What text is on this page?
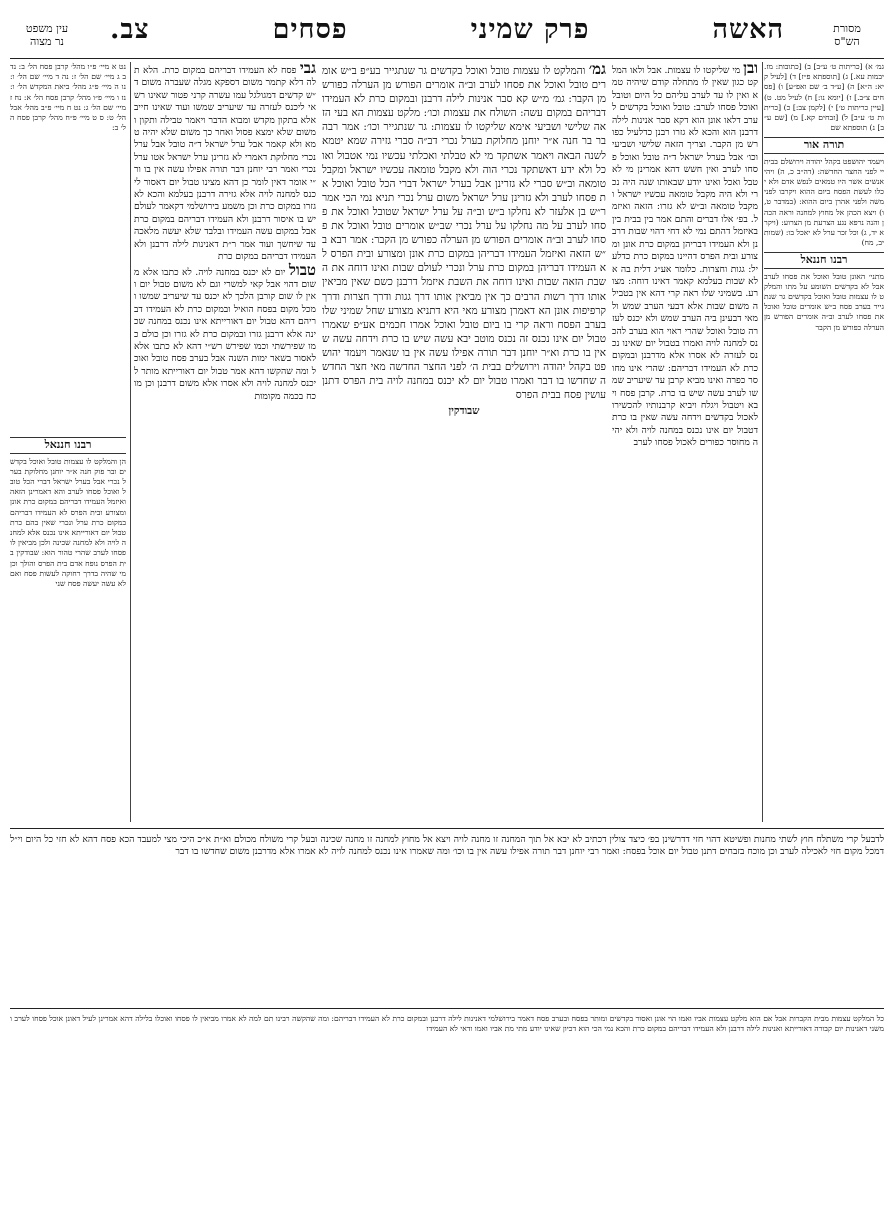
עין משפט
נר מצוה	האשה
פרק שמיני
פסחים
צב.	מסורת
הש"ס
גמ׳ א) [כריתות ט׳ ע״ב] ב) [כתובות: מז. יבמות עא.] ג) [תוספתא פ״ז] ד) [לעיל קיא: ה״א] ה) [ע״ד ב׳ שם ואפ״ע] ו) [פסחים צ״ב.] ז) [יומא נו:] ח) לעיל מט. ט) [עיין כריתות ט׳] י) [לקמן צב:] כ) [כריתות ט׳ ע״ב] ל) [זבחים קא.] מ) [שם ע״ב] נ) תוספתא שם
תורה אור
ויעמד יהושפט בקהל יהודה וירושלם בבית יי לפני החצר החדשה: (דה״ב כ, ה) ויהי אנשים אשר היו טמאים לנפש אדם ולא יכלו לעשת הפסח ביום ההוא ויקרבו לפני משה ולפני אהרן ביום ההוא: (במדבר ט, ו) ויצא הכהן אל מחוץ למחנה וראה הכהן והנה נרפא נגע הצרעת מן הצרוע: (ויקרא יד, ג) וכל זכר ערל לא יאכל בו: (שמות יב, מח)
רבנו חננאל
מתני׳ האונן טובל ואוכל את פסחו לערב אבל לא בקדשים השומע על מתו והמלקט לו עצמות טובל ואוכל בקדשים גר שנתגייר בערב פסח ב״ש אומרים טובל ואוכל את פסחו לערב וב״ה אומרים הפורש מן הערלה כפורש מן הקבר
ובן מי שליקטו לו עצמות. אבל ולאו המלקט כגון שאין לו מתחלה קודם שיהיה טמא ואין לו עד לערב עליהם כל היום וטובל ואוכל פסחו לערב: טובל ואוכל בקדשים לערב דלאו אונן הוא דקא סבר אנינות לילה דרבנן הוא והכא לא גזרו רבנן כדלעיל כפורש מן הקבר. וצריך הזאה שלישי ושביעי וכו׳ אבל בערל ישראל ד״ה טובל ואוכל פסחו לערב ואין חשש דהא אמרינן מי לא טבל ואכל ואינו יודע שבאותו שנה היה נכרי ולא היה מקבל טומאה עכשיו ישראל ומקבל טומאה וב״ש לא גזרו: הזאה ואיזמל. בפ׳ אלו דברים והתם אמר בין בבית בין באיזמל דהתם נמי לא דחי דהוי שבות דרבנן ולא העמידו דבריהן במקום כרת אונן ומצורע ובית הפרס דהיינו במקום כרת כדלעיל: גגות וחצרות. כלומר אע״ג דלית בה אלא שבות בעלמא קאמר דאינו דוחה: מצורע. בשמיני שלו ראה קרי דהא אין בטבילה משום שבות אלא דבעי הערב שמש ולמאי דבעינן ביה הערב שמש ולא יכנס לעזרה טובל ואוכל שהרי ראוי הוא בערב להכנס למחנה לויה ואמרו בטבול יום שאינו נכנס לעזרה לא אסרו אלא מדרבנן ובמקום כרת לא העמידו דבריהם: שהרי אינו מחוסר כפרה ואינו מביא קרבן עד שיעריב שמשו לערב עשה שיש בו כרת. קרבן פסח ויבא ויטבול ויגלח ויביא קרבנותיו להכשירו לאכול בקדשים וידחה עשה שאין בו כרת דטבול יום אינו נכנס במחנה לויה ולא יהיה מחוסר כפורים לאכול פסחו לערב
גמ׳ והמלקט לו עצמות טובל ואוכל בקדשים גר שנתגייר בע״פ ב״ש אומרים טובל ואוכל את פסחו לערב וב״ה אומרים הפורש מן הערלה כפורש מן הקבר: גמ׳ מ״ש קא סבר אנינות לילה דרבנן ובמקום כרת לא העמידו דבריהם במקום עשה: השולח את עצמות וכו׳: מלקט עצמות הא בעי הזאה שלישי ושביעי אימא שליקטו לו עצמות: גר שנתגייר וכו׳: אמר רבה בר בר חנה א״ר יוחנן מחלוקת בערל נכרי דב״ה סברי גזירה שמא יטמא לשנה הבאה ויאמר אשתקד מי לא טבלתי ואכלתי עכשיו נמי אטבול ואוכל ולא ידע דאשתקד נכרי הוה ולא מקבל טומאה עכשיו ישראל ומקבל טומאה וב״ש סברי לא גזרינן אבל בערל ישראל דברי הכל טובל ואוכל את פסחו לערב ולא גזרינן ערל ישראל משום ערל נכרי תניא נמי הכי אמר ר״ש בן אלעזר לא נחלקו ב״ש וב״ה על ערל ישראל שטובל ואוכל את פסחו לערב על מה נחלקו על ערל נכרי שב״ש אומרים טובל ואוכל את פסחו לערב וב״ה אומרים הפורש מן הערלה כפורש מן הקבר: אמר רבא ב״ש הזאה ואיזמל העמידו דבריהן במקום כרת אונן ומצורע ובית הפרס לא העמידו דבריהן במקום כרת ערל ונכרי לעולם שבות ואינו דוחה את השבת הזאה שבות ואינו דוחה את השבת איזמל דרבנן כשם שאין מביאין אותו דרך רשות הרבים כך אין מביאין אותו דרך גגות ודרך חצרות ודרך קרפיפות אונן הא דאמרן מצורע מאי היא דתניא מצורע שחל שמיני שלו בערב הפסח וראה קרי בו ביום טובל ואוכל אמרו חכמים אע״פ שאמרו טבול יום אינו נכנס זה נכנס מוטב יבא עשה שיש בו כרת וידחה עשה שאין בו כרת וא״ר יוחנן דבר תורה אפילו עשה אין בו שנאמר ויעמד יהושפט בקהל יהודה וירושלים בבית ה׳ לפני החצר החדשה מאי חצר החדשה שחדשו בו דבר ואמרו טבול יום לא יכנס במחנה לויה בית הפרס דתנן עושין פסח בבית הפרס
שבודקין
גבי פסח לא העמידו דבריהם במקום כרת. הלא תלה דלא קתמר משום דספקא מגלה שעברה משום ד״ש קדשים דמגולגל עמו עשרה קרני פטור שאינו רשאי ליכנס לעזרה עד שיעריב שמשו ועוד שאינו חייב אלא בתקון מקדש ומבוא הדבר ויאמר טבילה ותקון ומשום שלא ימצא פסול ואחר כך משום שלא יהיה טמא ולא קאמר אבל ערל ישראל ד״ה טובל אבל ערל נכרי מחלוקת דאמרי לא גזרינן ערל ישראל אטו ערל נכרי ואמר רבי יוחנן דבר תורה אפילו עשה אין בו ור״י אומר דאין לומר כן דהא מצינו טבול יום דאסור ליכנס למחנה לויה אלא גזירה דרבנן בעלמא והכא לא גזרו במקום כרת וכן משמע בירושלמי דקאמר לעולם יש בו איסור דרבנן ולא העמידו דבריהם במקום כרת אבל במקום עשה העמידו ובלבד שלא יעשה מלאכה עד שיחשך ועוד אמר ר״ת דאנינות לילה דרבנן ולא העמידו דבריהם במקום כרת
טבול יום לא יכנס במחנה לויה. לא כתבו אלא משום דהוי אבל קאי למשרי וגם לא משום טבול יום ואין לו שום קורבן הלכך לא יכנס עד שיעריב שמשו ומכל מקום בפסח הואיל ובמקום כרת לא העמידו דבריהם דהא טבול יום דאורייתא אינו נכנס במחנה שכינה אלא דרבנן גזרו ובמקום כרת לא גזרו וכן כולם כמו שפירשתי וכמו שפירש רש״י דהא לא כתבו אלא לאסור בשאר ימות השנה אבל בערב פסח טובל ואוכל ומה שהקשו דהא אמר טבול יום דאורייתא מותר ליכנס למחנה לויה ולא אסרו אלא משום דרבנן וכן מוכח בכמה מקומות
נט א מיי׳ פ״ו מהל׳ קרבן פסח הל׳ ב: נד ב ג מיי׳ שם הל׳ ז: נה ד מיי׳ שם הל׳ ו: נו ה מיי׳ פ״ג מהל׳ ביאת המקדש הל׳ ו: נז ו מיי׳ פ״ו מהל׳ קרבן פסח הל׳ א: נח ז מיי׳ שם הל׳ ג: נט ח מיי׳ פ״ב מהל׳ אבל הל׳ ט: ס ט מיי׳ פ״ח מהל׳ קרבן פסח הל׳ ב:
רבנו חננאל
הן והמלקט לו עצמות טובל ואוכל בקדשים ובר פוק חנה א״ר יוחנן מחלוקת בערל נכרי אבל בערל ישראל דברי הכל טובל ואוכל פסחו לערב והא דאמרינן הזאה ואיזמל העמידו דבריהם במקום כרת אונן ומצורע ובית הפרס לא העמידו דבריהם במקום כרת ערל ונכרי שאין בהם כרת טבול יום דאורייתא אינו נכנס אלא למחנה לויה ולא למחנה שכינה ולכן מביאין לו פסחו לערב שהרי טהור הוא: שבודקין בית הפרס נופח אדם בית הפרס והולך וכן מי שהיה בדרך רחוקה לעשות פסח ואם לא עשה יעשה פסח שני
לדבעל קרי משתלח חוץ לשתי מחנות ופשיטא דהוי חזי דדרשינן בפ׳ כיצד צולין דכתיב לא יבא אל תוך המחנה זו מחנה לויה ויצא אל מחוץ למחנה זו מחנה שכינה ובעל קרי משולח מכולם וא״ת א״כ היכי מצי למעבד הכא פסח דהא לא חזי כל היום וי״ל דמכל מקום חזי לאכילה לערב וכן מוכח בזבחים דתנן טבול יום אוכל בפסח: ואמר רבי יוחנן דבר תורה אפילו עשה אין בו וכו׳ ומה שאמרו אינו נכנס למחנה לויה לא אמרו אלא מדרבנן משום שחדשו בו דבר
כל המלקט עצמות מבית הקברות אבל אם הוא מלקט עצמות אביו ואמו הוי אונן ואסור בקדשים ומותר בפסח ובערב פסח דאמר בירושלמי דאנינות לילה דרבנן ובמקום כרת לא העמידו דבריהם: ומה שהקשה רבינו תם למה לא אמרו מביאין לו פסחו ואוכלו בלילה דהא אמרינן לעיל דאונן אוכל פסחו לערב ומשני דאנינות יום קבורה דאורייתא ואנינות לילה דרבנן ולא העמידו דבריהם במקום כרת והכא נמי הכי הוא דכיון שאינו יודע מתי מת אביו ואמו ודאי לא העמידו
